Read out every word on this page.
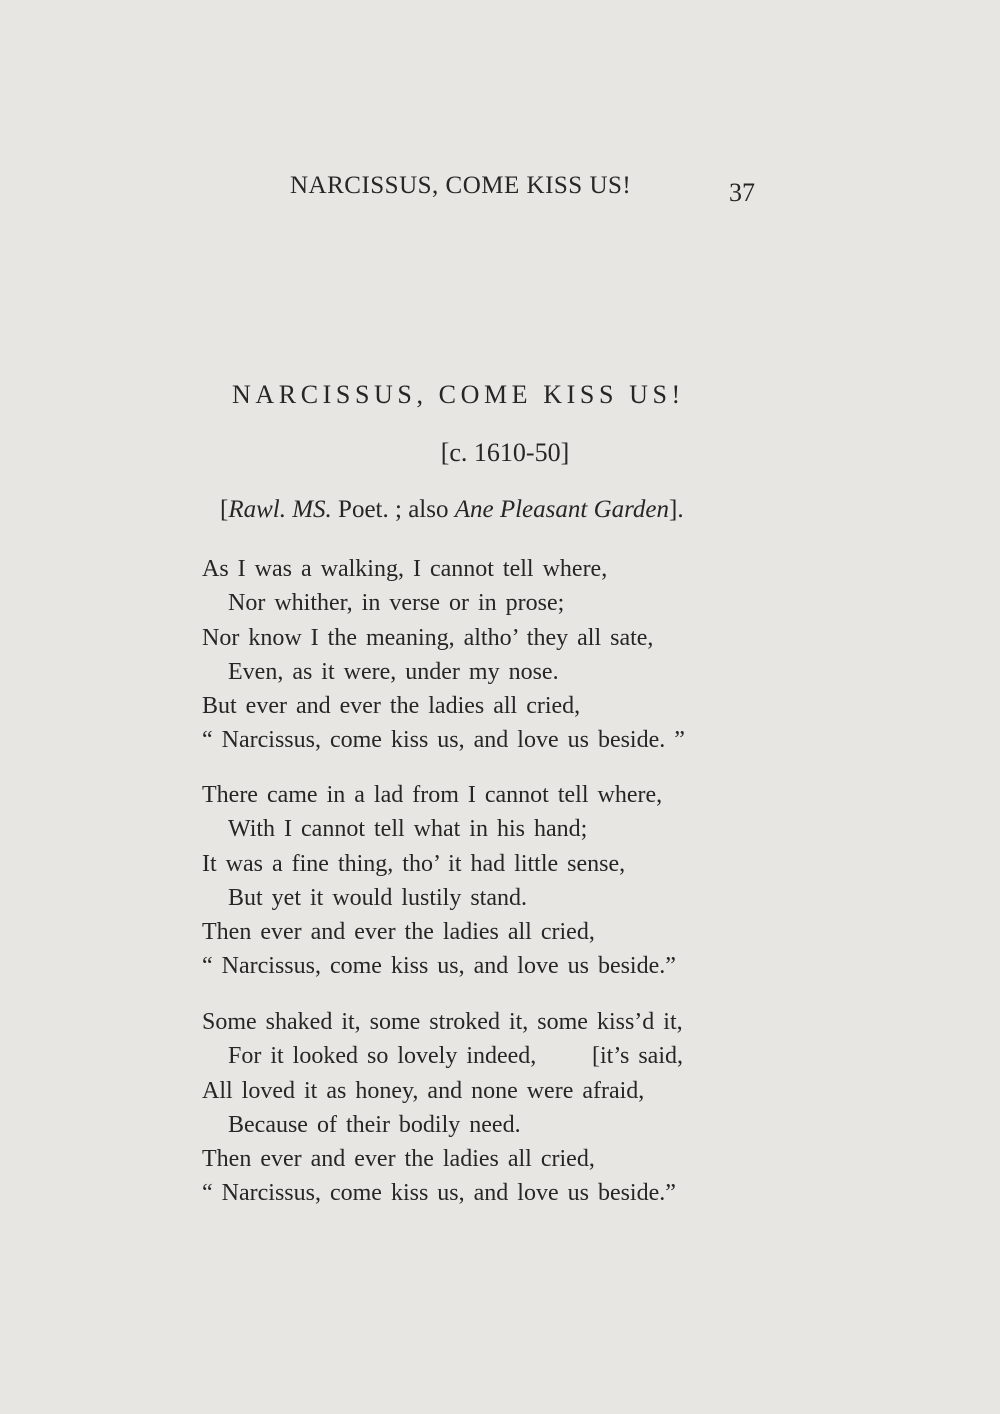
NARCISSUS, COME KISS US!	37
NARCISSUS, COME KISS US!
[c. 1610-50]
[Rawl. MS. Poet. ; also Ane Pleasant Garden].
As I was a walking, I cannot tell where,
Nor whither, in verse or in prose;
Nor know I the meaning, altho’ they all sate,
Even, as it were, under my nose.
But ever and ever the ladies all cried,
“ Narcissus, come kiss us, and love us beside. ”
There came in a lad from I cannot tell where,
With I cannot tell what in his hand;
It was a fine thing, tho’ it had little sense,
But yet it would lustily stand.
Then ever and ever the ladies all cried,
“ Narcissus, come kiss us, and love us beside.”
Some shaked it, some stroked it, some kiss’d it,
For it looked so lovely indeed, [it’s said,
All loved it as honey, and none were afraid,
Because of their bodily need.
Then ever and ever the ladies all cried,
“ Narcissus, come kiss us, and love us beside.”
